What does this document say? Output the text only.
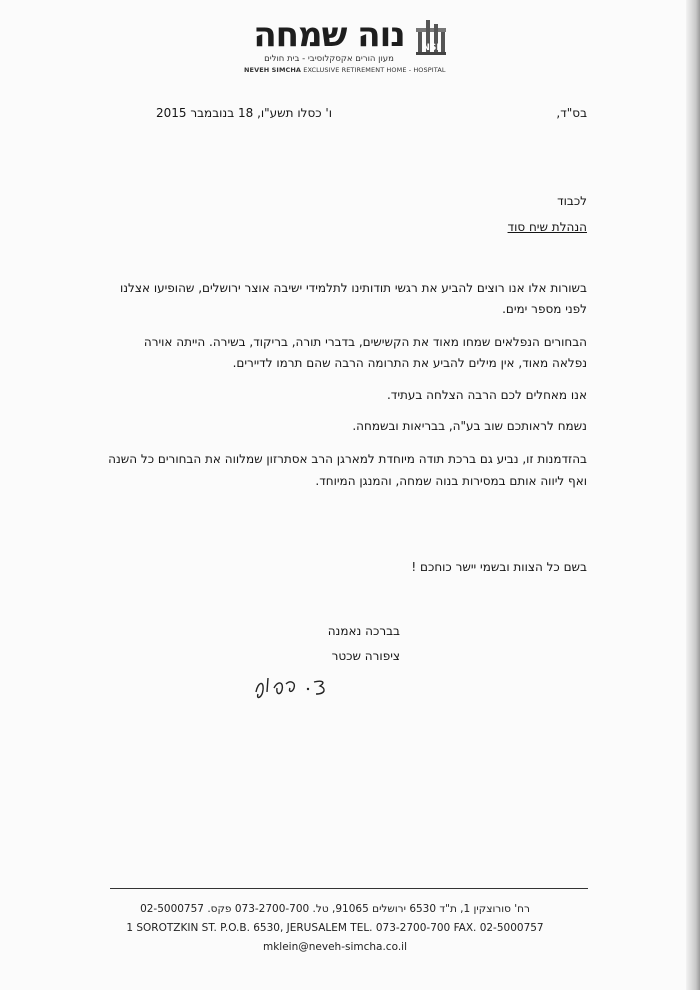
NSI
נוה שמחה
מעון הורים אקסקלוסיבי - בית חולים
NEVEH SIMCHA EXCLUSIVE RETIREMENT HOME - HOSPITAL
בס"ד,
ו' כסלו תשע"ו, 18 בנובמבר 2015
לכבוד
הנהלת שיח סוד
בשורות אלו אנו רוצים להביע את רגשי תודותינו לתלמידי ישיבה אוצר ירושלים, שהופיעו אצלנו
לפני מספר ימים.
הבחורים הנפלאים שמחו מאוד את הקשישים, בדברי תורה, בריקוד, בשירה. הייתה אוירה
נפלאה מאוד, אין מילים להביע את התרומה הרבה שהם תרמו לדיירים.
אנו מאחלים לכם הרבה הצלחה בעתיד.
נשמח לראותכם שוב בע"ה, בבריאות ובשמחה.
בהזדמנות זו, נביע גם ברכת תודה מיוחדת למארגן הרב אסתרזון שמלווה את הבחורים כל השנה
ואף ליווה אותם במסירות בנוה שמחה, והמנגן המיוחד.
בשם כל הצוות ובשמי יישר כוחכם !
בברכה נאמנה
ציפורה שכטר
רח' סורוצקין 1, ת"ד 6530 ירושלים 91065, טל. 073-2700-700 פקס. 02-5000757
1 SOROTZKIN ST. P.O.B. 6530, JERUSALEM TEL. 073-2700-700 FAX. 02-5000757
mklein@neveh-simcha.co.il
